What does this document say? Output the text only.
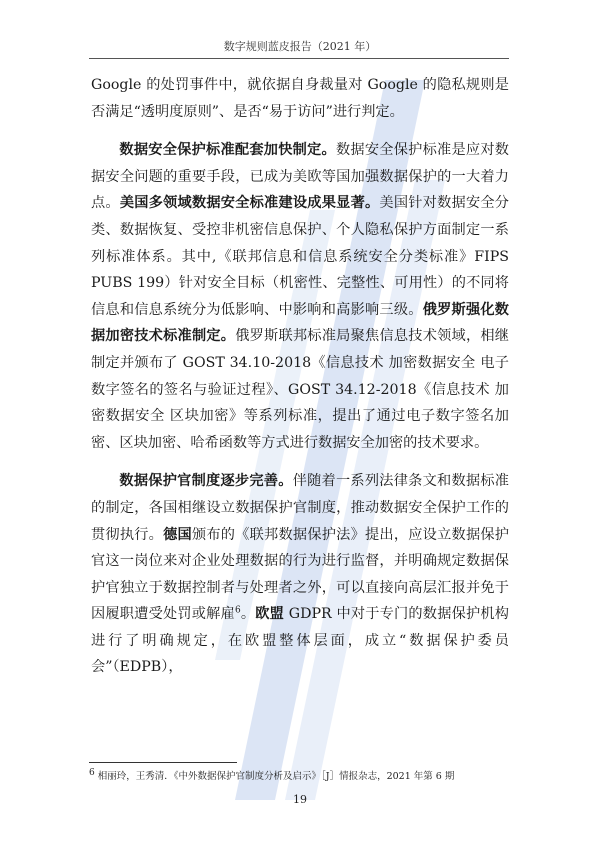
数字规则蓝皮报告（2021 年）

Google 的处罚事件中，就依据自身裁量对 Google 的隐私规则是否满足“透明度原则”、是否“易于访问”进行判定。

数据安全保护标准配套加快制定。数据安全保护标准是应对数据安全问题的重要手段，已成为美欧等国加强数据保护的一大着力点。美国多领域数据安全标准建设成果显著。美国针对数据安全分类、数据恢复、受控非机密信息保护、个人隐私保护方面制定一系列标准体系。其中,《联邦信息和信息系统安全分类标准》FIPS PUBS 199）针对安全目标（机密性、完整性、可用性）的不同将信息和信息系统分为低影响、中影响和高影响三级。俄罗斯强化数据加密技术标准制定。俄罗斯联邦标准局聚焦信息技术领域，相继制定并颁布了 GOST 34.10-2018《信息技术 加密数据安全 电子数字签名的签名与验证过程》、GOST 34.12-2018《信息技术 加密数据安全 区块加密》等系列标准，提出了通过电子数字签名加密、区块加密、哈希函数等方式进行数据安全加密的技术要求。

数据保护官制度逐步完善。伴随着一系列法律条文和数据标准的制定，各国相继设立数据保护官制度，推动数据安全保护工作的贯彻执行。德国颁布的《联邦数据保护法》提出，应设立数据保护官这一岗位来对企业处理数据的行为进行监督，并明确规定数据保护官独立于数据控制者与处理者之外，可以直接向高层汇报并免于因履职遭受处罚或解雇$^6$。欧盟 GDPR 中对于专门的数据保护机构进行了明确规定，在欧盟整体层面，成立“数据保护委员会”（EDPB），

$^6$ 相丽玲，王秀清．《中外数据保护官制度分析及启示》［J］情报杂志，2021 年第 6 期
19
